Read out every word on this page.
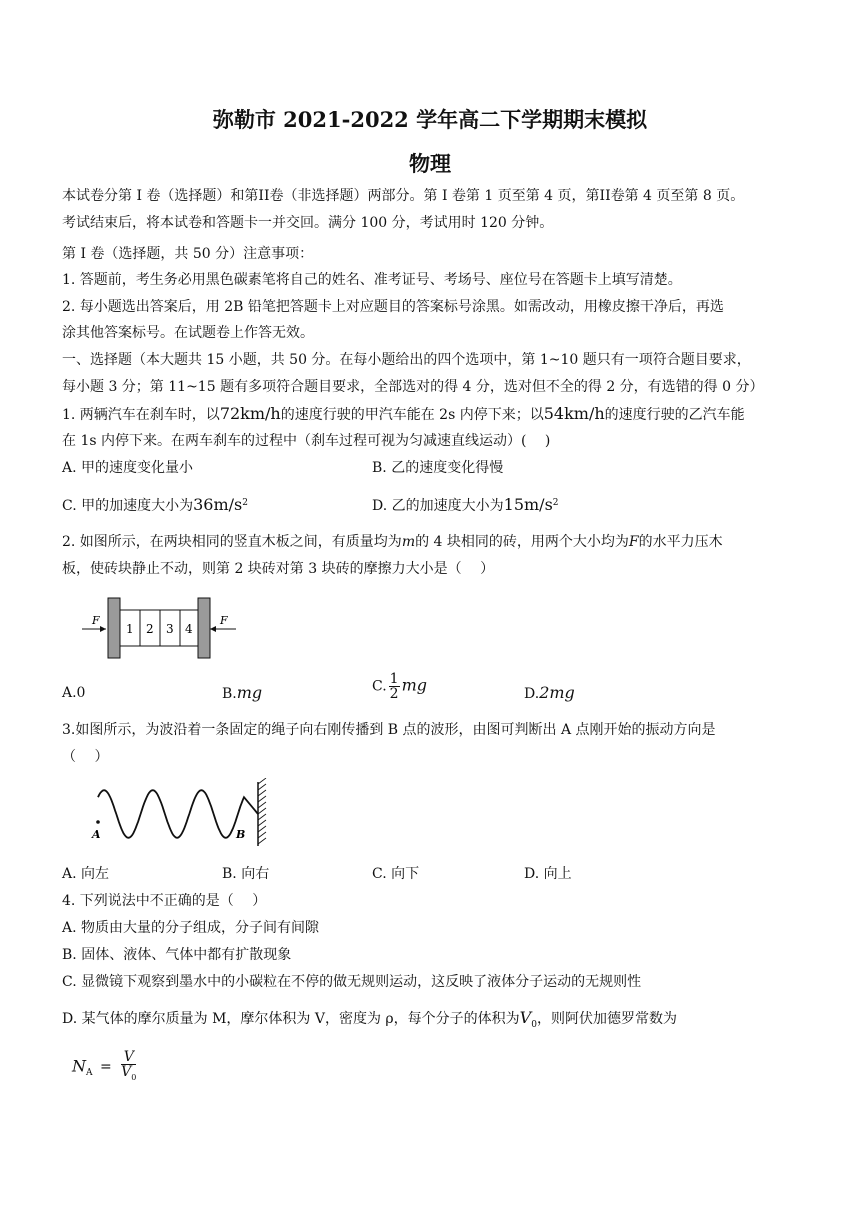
弥勒市 2021-2022 学年高二下学期期末模拟
物理
本试卷分第 I 卷（选择题）和第II卷（非选择题）两部分。第 I 卷第 1 页至第 4 页，第II卷第 4 页至第 8 页。
考试结束后，将本试卷和答题卡一并交回。满分 100 分，考试用时 120 分钟。
第 I 卷（选择题，共 50 分）注意事项：
1. 答题前，考生务必用黑色碳素笔将自己的姓名、准考证号、考场号、座位号在答题卡上填写清楚。
2. 每小题选出答案后，用 2B 铅笔把答题卡上对应题目的答案标号涂黑。如需改动，用橡皮擦干净后，再选
涂其他答案标号。在试题卷上作答无效。
一、选择题（本大题共 15 小题，共 50 分。在每小题给出的四个选项中，第 1~10 题只有一项符合题目要求，
每小题 3 分；第 11~15 题有多项符合题目要求，全部选对的得 4 分，选对但不全的得 2 分，有选错的得 0 分）
1. 两辆汽车在刹车时，以72km/h的速度行驶的甲汽车能在 2s 内停下来；以54km/h的速度行驶的乙汽车能
在 1s 内停下来。在两车刹车的过程中（刹车过程可视为匀减速直线运动）(　 )
A. 甲的速度变化量小	B. 乙的速度变化得慢
C. 甲的加速度大小为$36m/s^2$	D. 乙的加速度大小为$15m/s^2$
2. 如图所示，在两块相同的竖直木板之间，有质量均为m的 4 块相同的砖，用两个大小均为F的水平力压木
板，使砖块静止不动，则第 2 块砖对第 3 块砖的摩擦力大小是（　 ）
F
1 2 3 4
F
A.0	B.mg	C. $\frac{1}{2}$ mg	D.2mg
3.如图所示，为波沿着一条固定的绳子向右刚传播到 B 点的波形，由图可判断出 A 点刚开始的振动方向是
（　 ）
A	B
A. 向左	B. 向右	C. 向下	D. 向上
4. 下列说法中不正确的是（　 ）
A. 物质由大量的分子组成，分子间有间隙
B. 固体、液体、气体中都有扩散现象
C. 显微镜下观察到墨水中的小碳粒在不停的做无规则运动，这反映了液体分子运动的无规则性
D. 某气体的摩尔质量为 M，摩尔体积为 V，密度为 ρ，每个分子的体积为$V_0$，则阿伏加德罗常数为
$N_A = \frac{V}{V_0}$
